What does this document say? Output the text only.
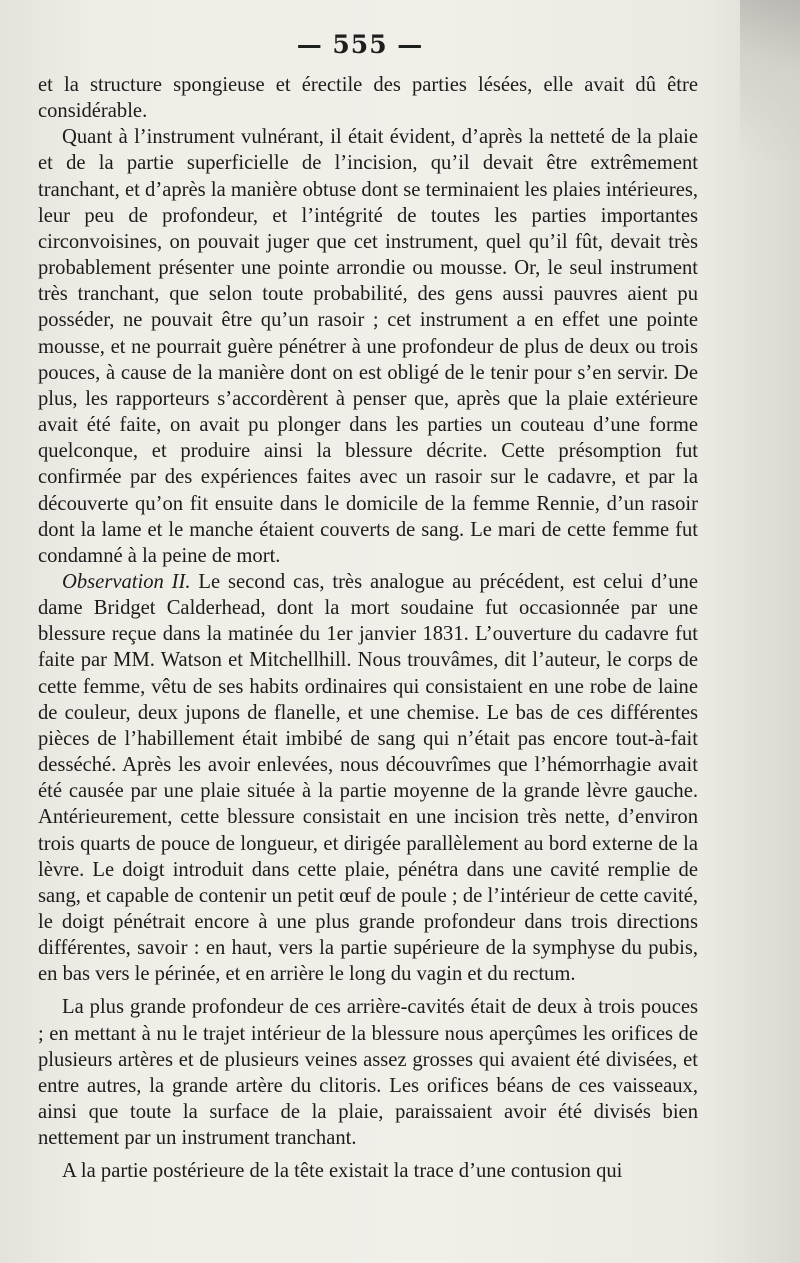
— 555 —

et la structure spongieuse et érectile des parties lésées, elle avait dû être considérable.

Quant à l’instrument vulnérant, il était évident, d’après la netteté de la plaie et de la partie superficielle de l’incision, qu’il devait être extrêmement tranchant, et d’après la manière obtuse dont se terminaient les plaies intérieures, leur peu de profondeur, et l’intégrité de toutes les parties importantes circonvoisines, on pouvait juger que cet instrument, quel qu’il fût, devait très probablement présenter une pointe arrondie ou mousse. Or, le seul instrument très tranchant, que selon toute probabilité, des gens aussi pauvres aient pu posséder, ne pouvait être qu’un rasoir ; cet instrument a en effet une pointe mousse, et ne pourrait guère pénétrer à une profondeur de plus de deux ou trois pouces, à cause de la manière dont on est obligé de le tenir pour s’en servir. De plus, les rapporteurs s’accordèrent à penser que, après que la plaie extérieure avait été faite, on avait pu plonger dans les parties un couteau d’une forme quelconque, et produire ainsi la blessure décrite. Cette présomption fut confirmée par des expériences faites avec un rasoir sur le cadavre, et par la découverte qu’on fit ensuite dans le domicile de la femme Rennie, d’un rasoir dont la lame et le manche étaient couverts de sang. Le mari de cette femme fut condamné à la peine de mort.

Observation II. Le second cas, très analogue au précédent, est celui d’une dame Bridget Calderhead, dont la mort soudaine fut occasionnée par une blessure reçue dans la matinée du 1er janvier 1831. L’ouverture du cadavre fut faite par MM. Watson et Mitchellhill. Nous trouvâmes, dit l’auteur, le corps de cette femme, vêtu de ses habits ordinaires qui consistaient en une robe de laine de couleur, deux jupons de flanelle, et une chemise. Le bas de ces différentes pièces de l’habillement était imbibé de sang qui n’était pas encore tout-à-fait desséché. Après les avoir enlevées, nous découvrîmes que l’hémorrhagie avait été causée par une plaie située à la partie moyenne de la grande lèvre gauche. Antérieurement, cette blessure consistait en une incision très nette, d’environ trois quarts de pouce de longueur, et dirigée parallèlement au bord externe de la lèvre. Le doigt introduit dans cette plaie, pénétra dans une cavité remplie de sang, et capable de contenir un petit œuf de poule ; de l’intérieur de cette cavité, le doigt pénétrait encore à une plus grande profondeur dans trois directions différentes, savoir : en haut, vers la partie supérieure de la symphyse du pubis, en bas vers le périnée, et en arrière le long du vagin et du rectum.

La plus grande profondeur de ces arrière-cavités était de deux à trois pouces ; en mettant à nu le trajet intérieur de la blessure nous aperçûmes les orifices de plusieurs artères et de plusieurs veines assez grosses qui avaient été divisées, et entre autres, la grande artère du clitoris. Les orifices béans de ces vaisseaux, ainsi que toute la surface de la plaie, paraissaient avoir été divisés bien nettement par un instrument tranchant.

A la partie postérieure de la tête existait la trace d’une contusion qui
